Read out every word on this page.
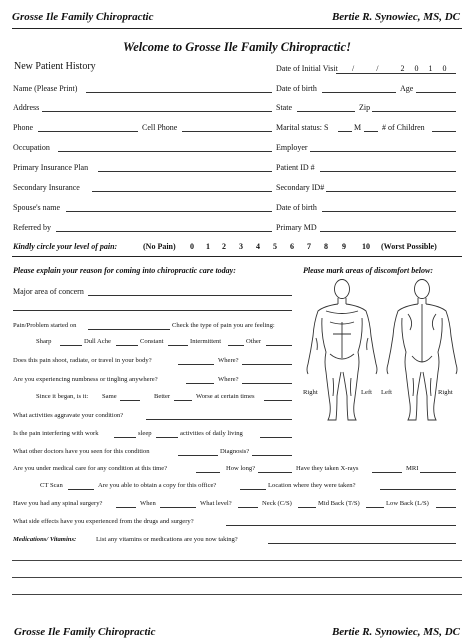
Grosse Ile Family Chiropractic	Bertie R. Synowiec, MS, DC
Welcome to Grosse Ile Family Chiropractic!
New Patient History	Date of Initial Visit / / 2010
Name (Please Print)	Date of birth	Age
Address	State	Zip
Phone	Cell Phone	Marital status: S	M	# of Children
Occupation	Employer
Primary Insurance Plan	Patient ID #
Secondary Insurance	Secondary ID#
Spouse's name	Date of birth
Referred by	Primary MD
Kindly circle your level of pain:	(No Pain) 0 1 2 3 4 5 6 7 8 9 10 (Worst Possible)
Please explain your reason for coming into chiropractic care today:	Please mark areas of discomfort below:
Major area of concern
Pain/Problem started on	Check the type of pain you are feeling:
Sharp	Dull Ache	Constant	Intermittent	Other
Does this pain shoot, radiate, or travel in your body?	Where?
Are you experiencing numbness or tingling anywhere?	Where?
Since it began, is it: Same	Better	Worse at certain times
What activities aggravate your condition?
Is the pain interfering with work	sleep	activities of daily living
What other doctors have you seen for this condition	Diagnosis?
Are you under medical care for any condition at this time?	How long?	Have they taken X-rays	MRI
CT Scan	Are you able to obtain a copy for this office?	Location where they were taken?
Have you had any spinal surgery?	When	What level?	Neck (C/S)	Mid Back (T/S)	Low Back (L/S)
What side effects have you experienced from the drugs and surgery?
Medications/ Vitamins:	List any vitamins or medications are you now taking?
Right	Left Left	Right
Grosse Ile Family Chiropractic	Bertie R. Synowiec, MS, DC
